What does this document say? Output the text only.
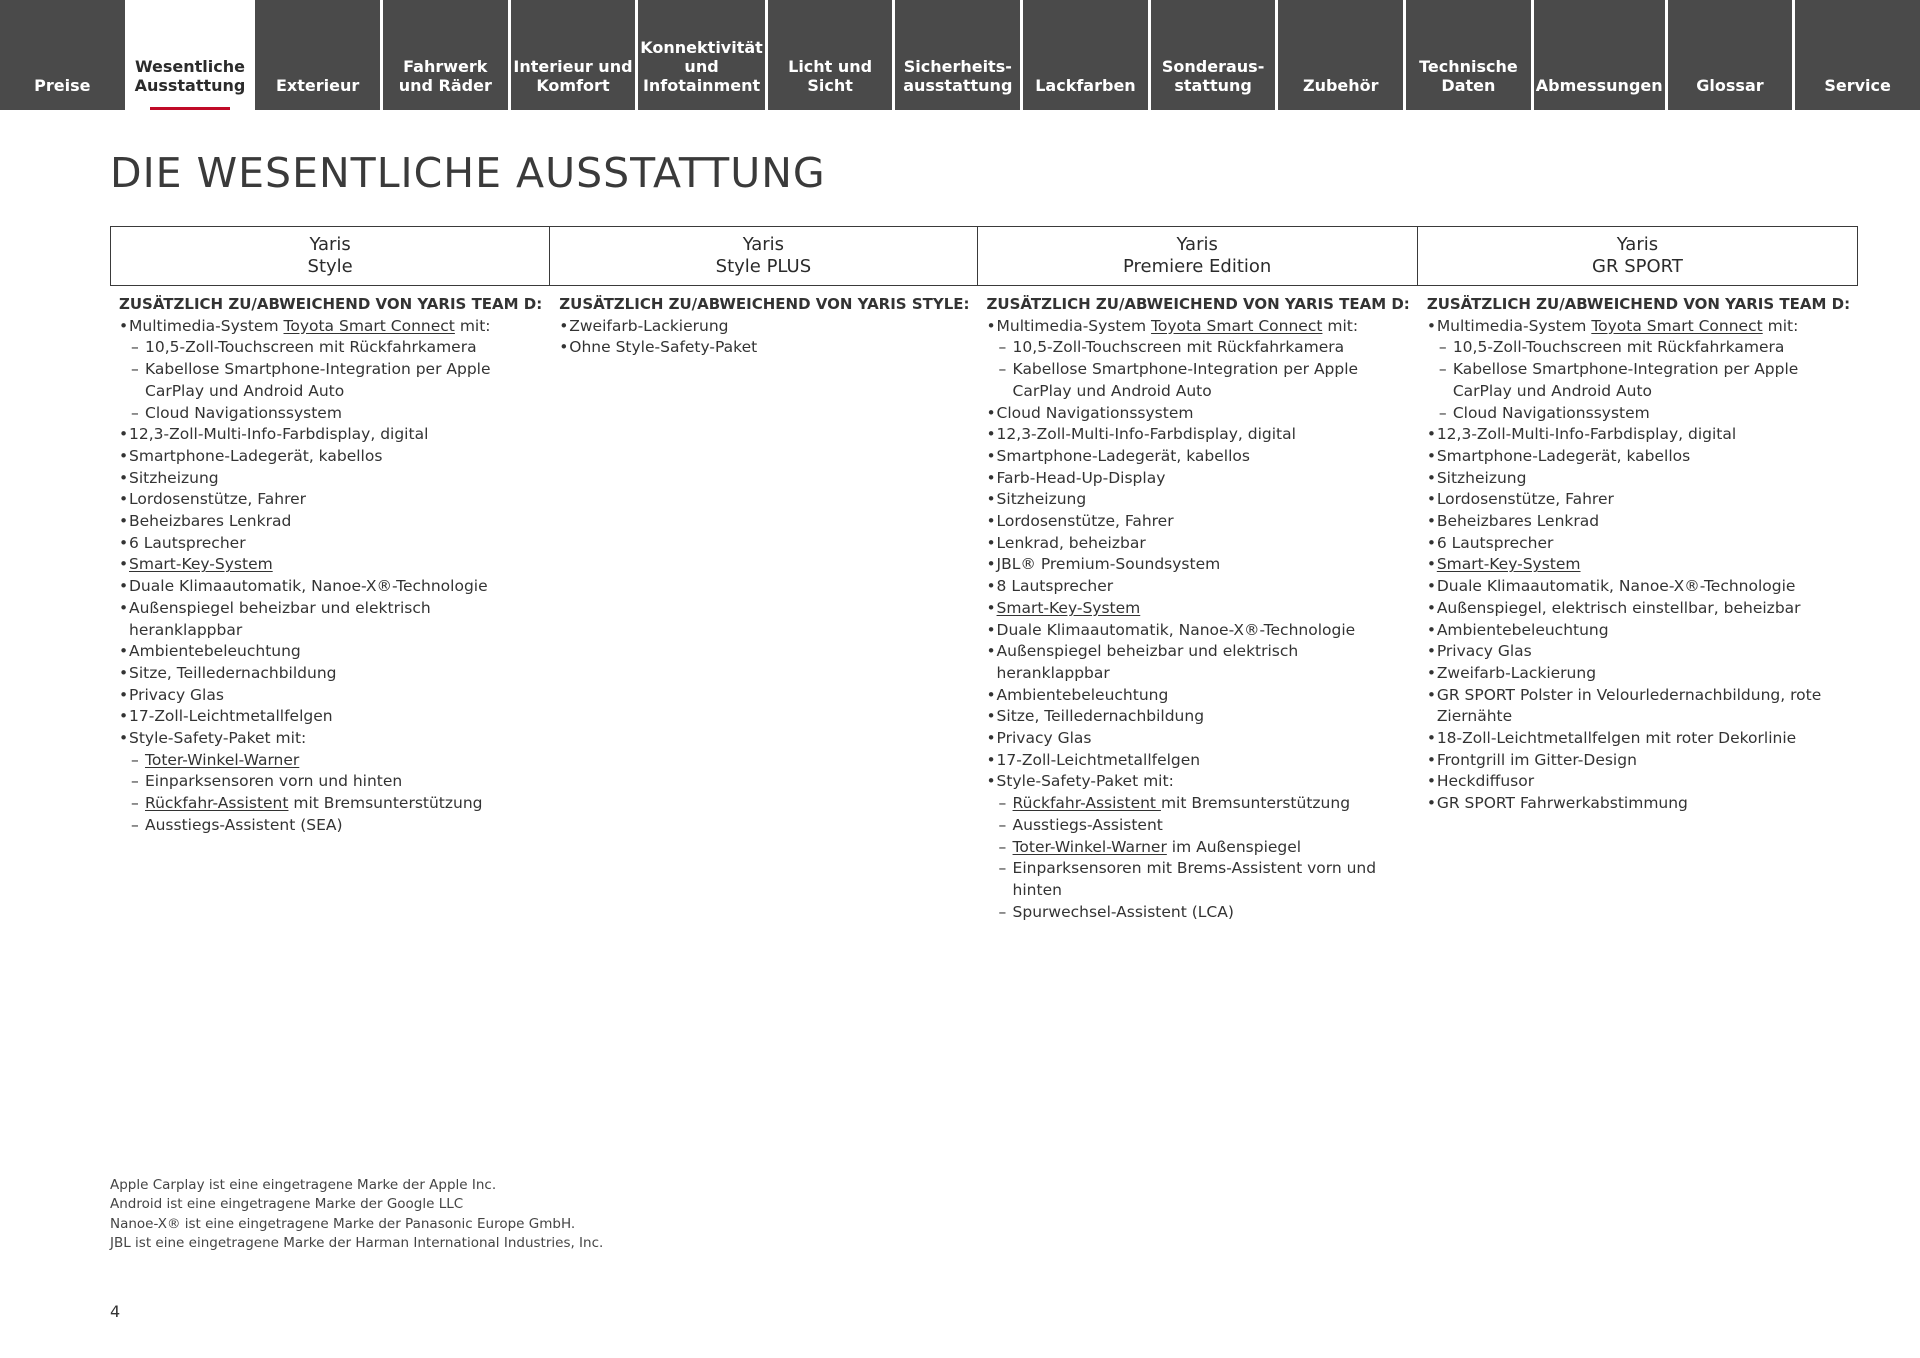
Preise
Wesentliche
Ausstattung Exterieur
Fahrwerk
und Räder
Interieur und
Komfort
Konnektivität
und
Infotainment
Licht und Sicht
Sicherheits-
ausstattung Lackfarben
Sonderaus-
stattung	Zubehör
Technische
Daten	Abmessungen Glossar	Service
DIE WESENTLICHE AUSSTATTUNG
Yaris
Style
ZUSÄTZLICH ZU/ABWEICHEND VON YARIS TEAM D:
• Multimedia-System Toyota Smart Connect mit:
– 10,5-Zoll-Touchscreen mit Rückfahrkamera
– Kabellose Smartphone-Integration per Apple CarPlay und Android Auto
– Cloud Navigationssystem
• 12,3-Zoll-Multi-Info-Farbdisplay, digital
• Smartphone-Ladegerät, kabellos
• Sitzheizung
• Lordosenstütze, Fahrer
• Beheizbares Lenkrad
• 6 Lautsprecher
• Smart-Key-System
• Duale Klimaautomatik, Nanoe-X®-Technologie
• Außenspiegel beheizbar und elektrisch heranklappbar
• Ambientebeleuchtung
• Sitze, Teilledernachbildung
• Privacy Glas
• 17-Zoll-Leichtmetallfelgen
• Style-Safety-Paket mit:
– Toter-Winkel-Warner
– Einparksensoren vorn und hinten
– Rückfahr-Assistent mit Bremsunterstützung
– Ausstiegs-Assistent (SEA)
Yaris
Style PLUS
ZUSÄTZLICH ZU/ABWEICHEND VON YARIS STYLE:
• Zweifarb-Lackierung
• Ohne Style-Safety-Paket
Yaris
Premiere Edition
ZUSÄTZLICH ZU/ABWEICHEND VON YARIS TEAM D:
• Multimedia-System Toyota Smart Connect mit:
– 10,5-Zoll-Touchscreen mit Rückfahrkamera
– Kabellose Smartphone-Integration per Apple CarPlay und Android Auto
• Cloud Navigationssystem
• 12,3-Zoll-Multi-Info-Farbdisplay, digital
• Smartphone-Ladegerät, kabellos
• Farb-Head-Up-Display
• Sitzheizung
• Lordosenstütze, Fahrer
• Lenkrad, beheizbar
• JBL® Premium-Soundsystem
• 8 Lautsprecher
• Smart-Key-System
• Duale Klimaautomatik, Nanoe-X®-Technologie
• Außenspiegel beheizbar und elektrisch heranklappbar
• Ambientebeleuchtung
• Sitze, Teilledernachbildung
• Privacy Glas
• 17-Zoll-Leichtmetallfelgen
• Style-Safety-Paket mit:
– Rückfahr-Assistent mit Bremsunterstützung
– Ausstiegs-Assistent
– Toter-Winkel-Warner im Außenspiegel
– Einparksensoren mit Brems-Assistent vorn und hinten
– Spurwechsel-Assistent (LCA)
Yaris
GR SPORT
ZUSÄTZLICH ZU/ABWEICHEND VON YARIS TEAM D:
• Multimedia-System Toyota Smart Connect mit:
– 10,5-Zoll-Touchscreen mit Rückfahrkamera
– Kabellose Smartphone-Integration per Apple CarPlay und Android Auto
– Cloud Navigationssystem
• 12,3-Zoll-Multi-Info-Farbdisplay, digital
• Smartphone-Ladegerät, kabellos
• Sitzheizung
• Lordosenstütze, Fahrer
• Beheizbares Lenkrad
• 6 Lautsprecher
• Smart-Key-System
• Duale Klimaautomatik, Nanoe-X®-Technologie
• Außenspiegel, elektrisch einstellbar, beheizbar
• Ambientebeleuchtung
• Privacy Glas
• Zweifarb-Lackierung
• GR SPORT Polster in Velourledernachbildung, rote Ziernähte
• 18-Zoll-Leichtmetallfelgen mit roter Dekorlinie
• Frontgrill im Gitter-Design
• Heckdiffusor
• GR SPORT Fahrwerkabstimmung
Apple Carplay ist eine eingetragene Marke der Apple Inc.
Android ist eine eingetragene Marke der Google LLC
Nanoe-X® ist eine eingetragene Marke der Panasonic Europe GmbH.
JBL ist eine eingetragene Marke der Harman International Industries, Inc.
4
